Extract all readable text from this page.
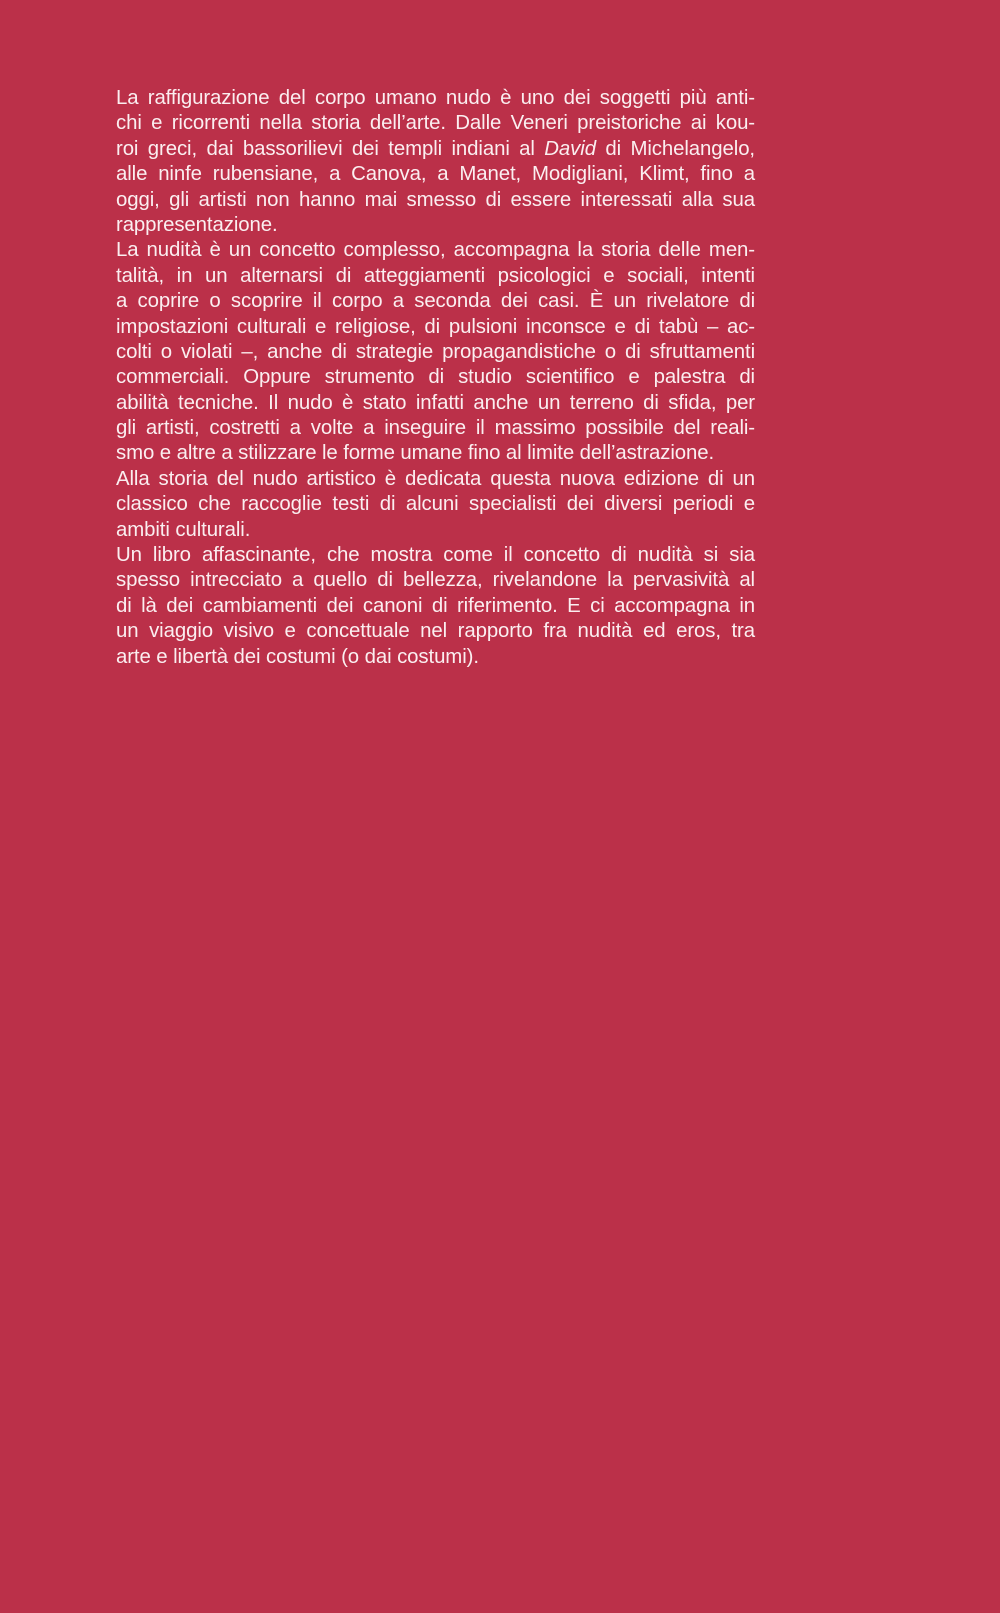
La raffigurazione del corpo umano nudo è uno dei soggetti più anti-
chi e ricorrenti nella storia dell’arte. Dalle Veneri preistoriche ai kou-
roi greci, dai bassorilievi dei templi indiani al David di Michelangelo,
alle ninfe rubensiane, a Canova, a Manet, Modigliani, Klimt, fino a
oggi, gli artisti non hanno mai smesso di essere interessati alla sua
rappresentazione.
La nudità è un concetto complesso, accompagna la storia delle men-
talità, in un alternarsi di atteggiamenti psicologici e sociali, intenti
a coprire o scoprire il corpo a seconda dei casi. È un rivelatore di
impostazioni culturali e religiose, di pulsioni inconsce e di tabù – ac-
colti o violati –, anche di strategie propagandistiche o di sfruttamenti
commerciali. Oppure strumento di studio scientifico e palestra di
abilità tecniche. Il nudo è stato infatti anche un terreno di sfida, per
gli artisti, costretti a volte a inseguire il massimo possibile del reali-
smo e altre a stilizzare le forme umane fino al limite dell’astrazione.
Alla storia del nudo artistico è dedicata questa nuova edizione di un
classico che raccoglie testi di alcuni specialisti dei diversi periodi e
ambiti culturali.
Un libro affascinante, che mostra come il concetto di nudità si sia
spesso intrecciato a quello di bellezza, rivelandone la pervasività al
di là dei cambiamenti dei canoni di riferimento. E ci accompagna in
un viaggio visivo e concettuale nel rapporto fra nudità ed eros, tra
arte e libertà dei costumi (o dai costumi).
